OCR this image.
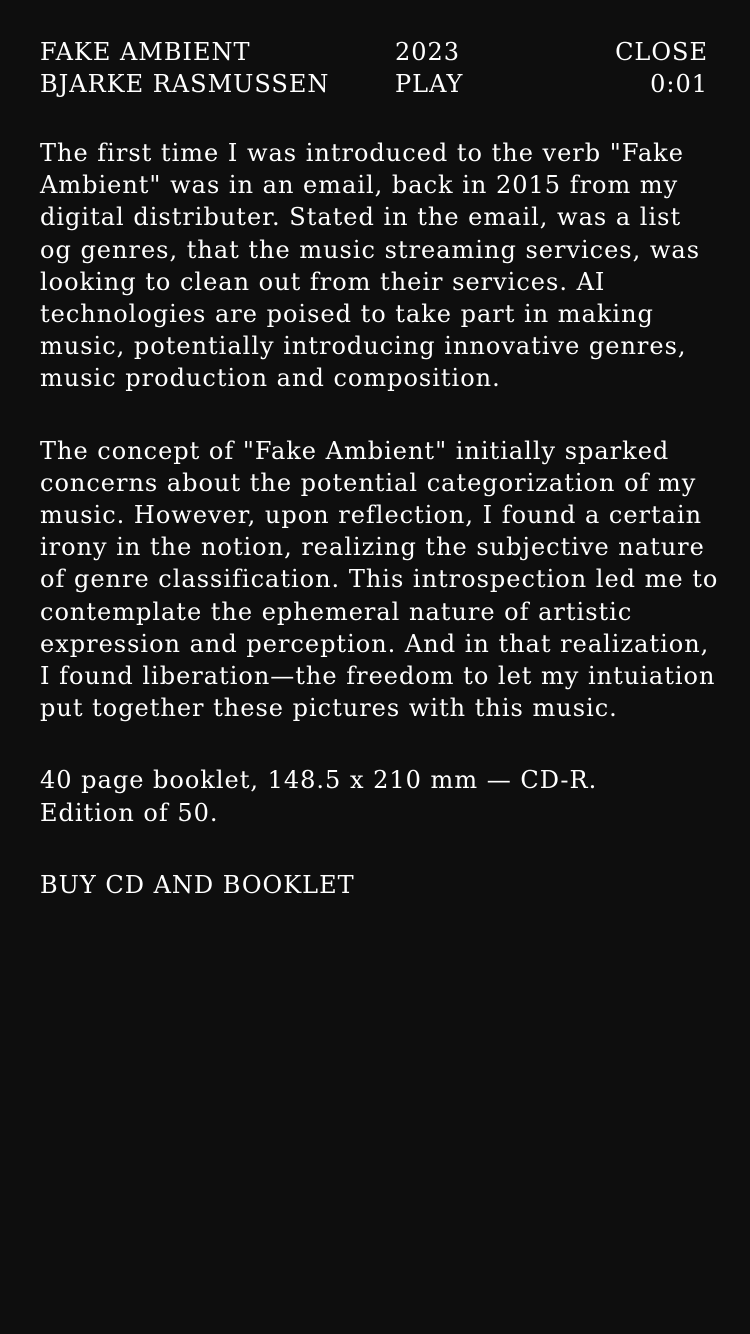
FAKE AMBIENT	2023	CLOSE
BJARKE RASMUSSEN	PLAY	0:01

The first time I was introduced to the verb "Fake Ambient" was in an email, back in 2015 from my digital distributer. Stated in the email, was a list og genres, that the music streaming services, was looking to clean out from their services. AI technologies are poised to take part in making music, potentially introducing innovative genres, music production and composition.

The concept of "Fake Ambient" initially sparked concerns about the potential categorization of my music. However, upon reflection, I found a certain irony in the notion, realizing the subjective nature of genre classification. This introspection led me to contemplate the ephemeral nature of artistic expression and perception. And in that realization, I found liberation—the freedom to let my intuiation put together these pictures with this music.

40 page booklet, 148.5 x 210 mm — CD-R.
Edition of 50.

BUY CD AND BOOKLET
